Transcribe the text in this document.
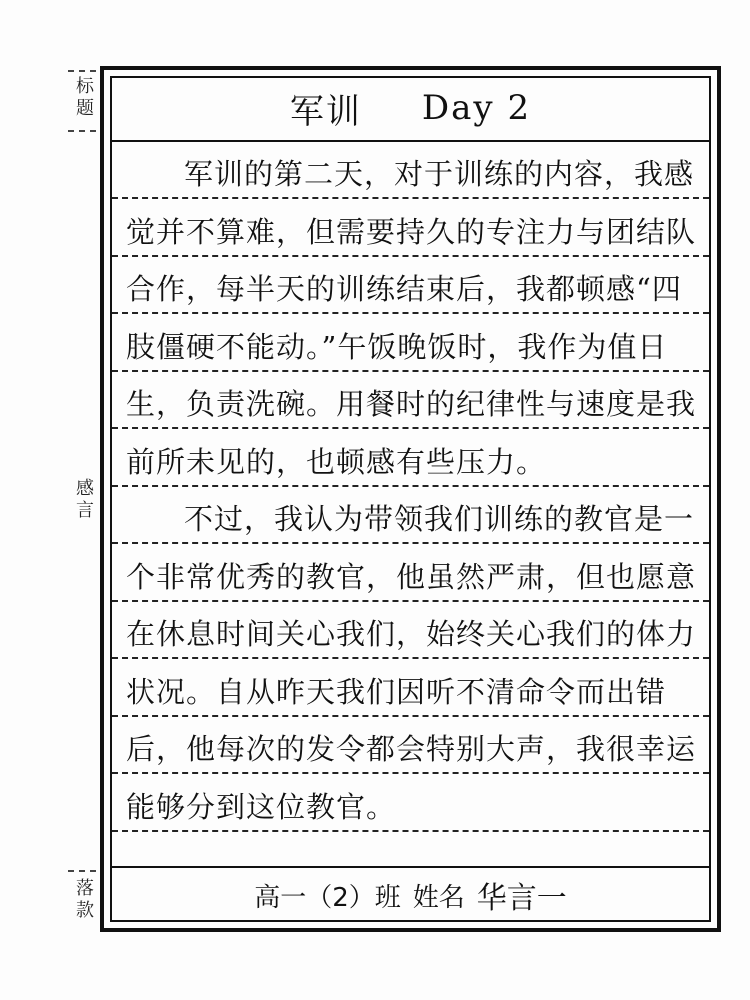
标题
感言
落款
军训 Day 2

军训的第二天，对于训练的内容，我感觉并不算难，但需要持久的专注力与团结队合作，每半天的训练结束后，我都顿感“四肢僵硬不能动。”午饭晚饭时，我作为值日生，负责洗碗。用餐时的纪律性与速度是我前所未见的，也顿感有些压力。

不过，我认为带领我们训练的教官是一个非常优秀的教官，他虽然严肃，但也愿意在休息时间关心我们，始终关心我们的体力状况。自从昨天我们因听不清命令而出错后，他每次的发令都会特别大声，我很幸运能够分到这位教官。

高一（2）班 姓名 华言一
